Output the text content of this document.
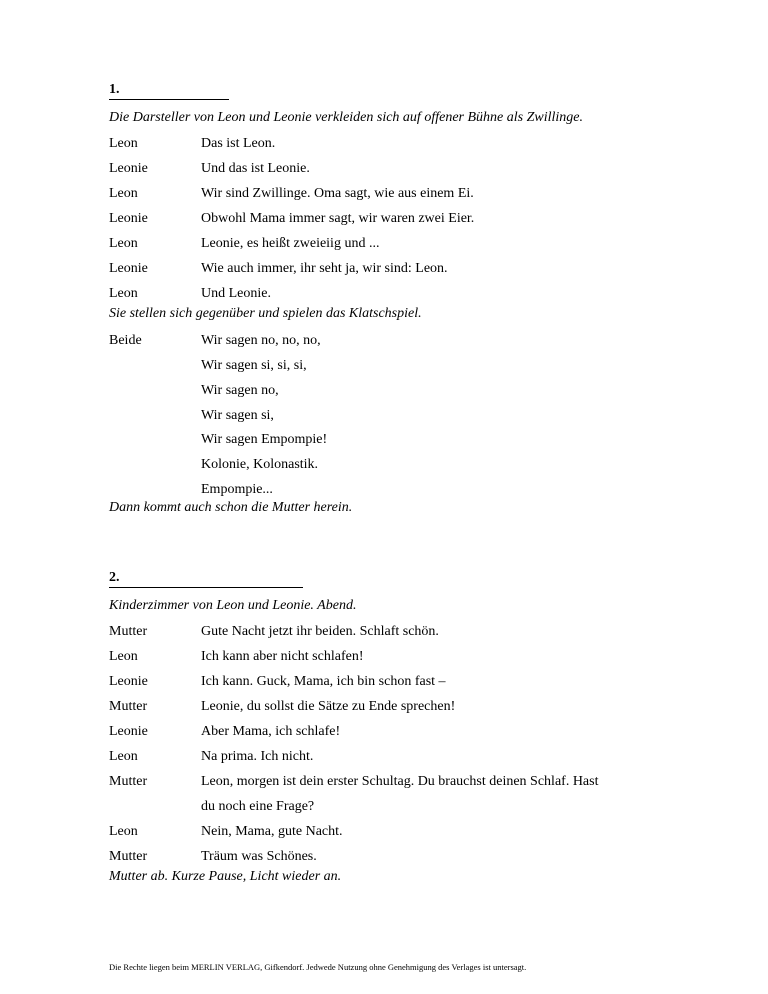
1.
Die Darsteller von Leon und Leonie verkleiden sich auf offener Bühne als Zwillinge.
Leon	Das ist Leon.
Leonie	Und das ist Leonie.
Leon	Wir sind Zwillinge. Oma sagt, wie aus einem Ei.
Leonie	Obwohl Mama immer sagt, wir waren zwei Eier.
Leon	Leonie, es heißt zweieiig und ...
Leonie	Wie auch immer, ihr seht ja, wir sind: Leon.
Leon	Und Leonie.
Sie stellen sich gegenüber und spielen das Klatschspiel.
Beide	Wir sagen no, no, no,
Wir sagen si, si, si,
Wir sagen no,
Wir sagen si,
Wir sagen Empompie!
Kolonie, Kolonastik.
Empompie...
Dann kommt auch schon die Mutter herein.
2.
Kinderzimmer von Leon und Leonie. Abend.
Mutter	Gute Nacht jetzt ihr beiden. Schlaft schön.
Leon	Ich kann aber nicht schlafen!
Leonie	Ich kann. Guck, Mama, ich bin schon fast –
Mutter	Leonie, du sollst die Sätze zu Ende sprechen!
Leonie	Aber Mama, ich schlafe!
Leon	Na prima. Ich nicht.
Mutter	Leon, morgen ist dein erster Schultag. Du brauchst deinen Schlaf. Hast
du noch eine Frage?
Leon	Nein, Mama, gute Nacht.
Mutter	Träum was Schönes.
Mutter ab. Kurze Pause, Licht wieder an.
Die Rechte liegen beim MERLIN VERLAG, Gifkendorf. Jedwede Nutzung ohne Genehmigung des Verlages ist untersagt.
